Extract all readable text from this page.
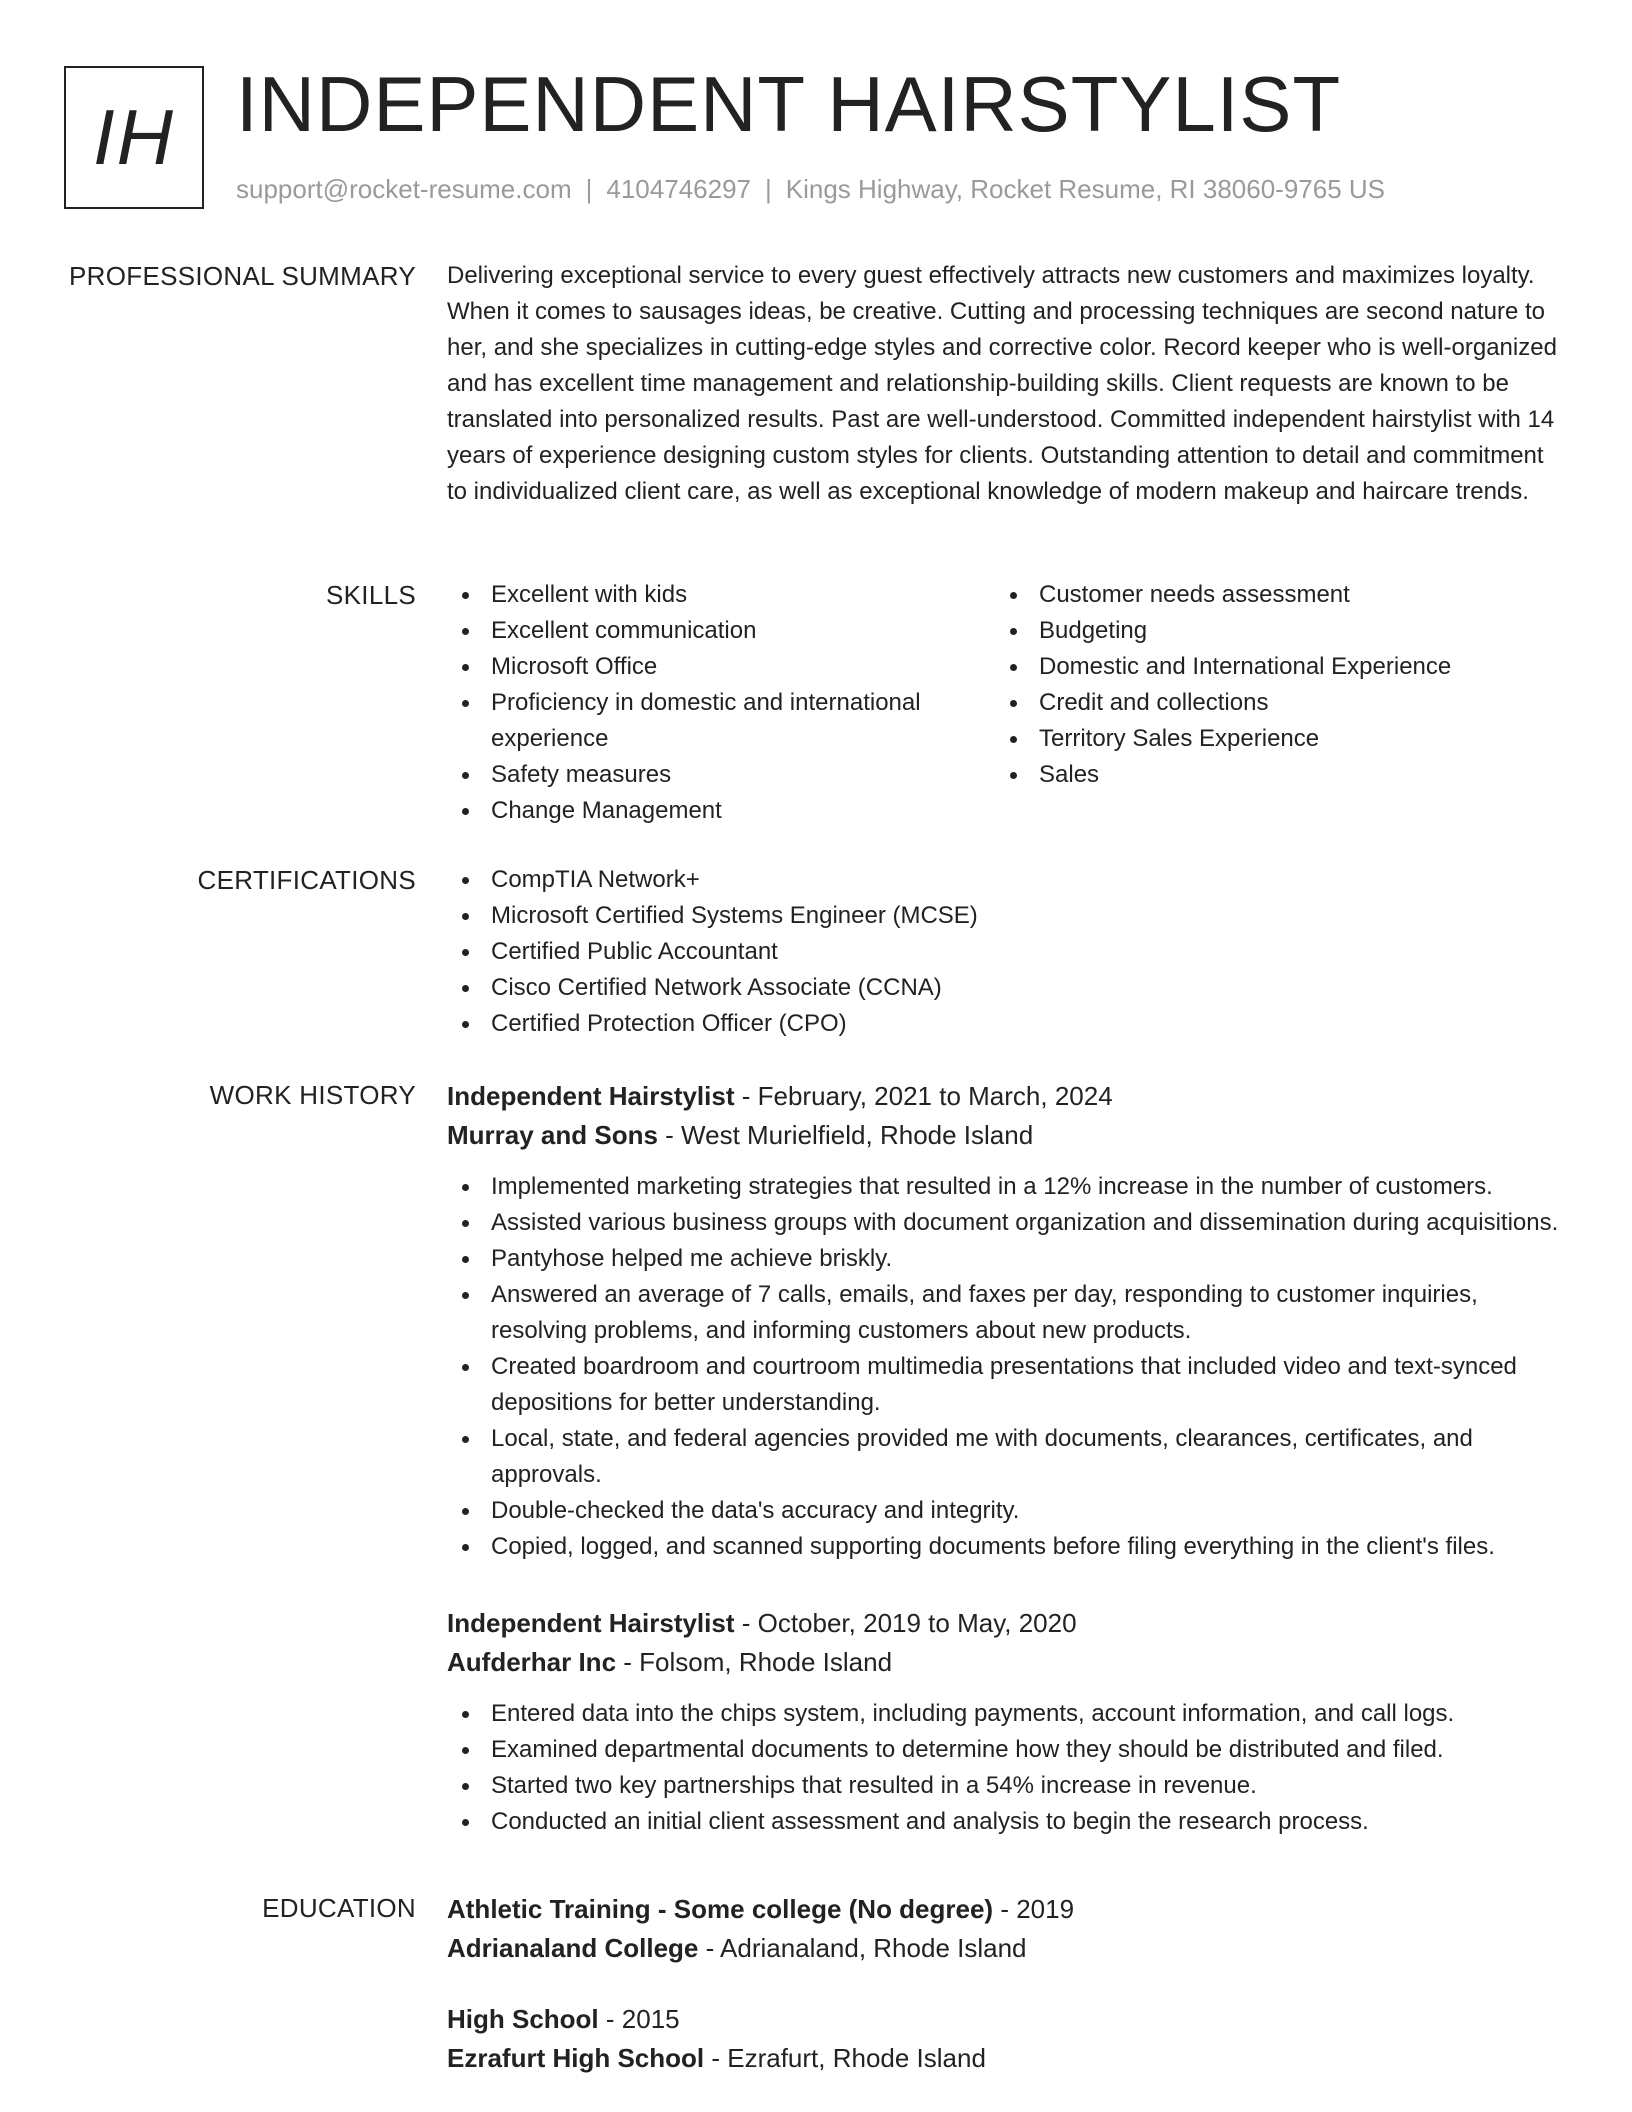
IH INDEPENDENT HAIRSTYLIST
support@rocket-resume.com | 4104746297 | Kings Highway, Rocket Resume, RI 38060-9765 US
PROFESSIONAL SUMMARY Delivering exceptional service to every guest effectively attracts new customers and maximizes loyalty. When it comes to sausages ideas, be creative. Cutting and processing techniques are second nature to her, and she specializes in cutting-edge styles and corrective color. Record keeper who is well-organized and has excellent time management and relationship-building skills. Client requests are known to be translated into personalized results. Past are well-understood. Committed independent hairstylist with 14 years of experience designing custom styles for clients. Outstanding attention to detail and commitment to individualized client care, as well as exceptional knowledge of modern makeup and haircare trends.
SKILLS	Excellent with kids
Excellent communication
Microsoft Office
Proficiency in domestic and international experience
Safety measures
Change Management
Customer needs assessment
Budgeting
Domestic and International Experience
Credit and collections
Territory Sales Experience
Sales
CERTIFICATIONS	CompTIA Network+
Microsoft Certified Systems Engineer (MCSE)
Certified Public Accountant
Cisco Certified Network Associate (CCNA)
Certified Protection Officer (CPO)
WORK HISTORY Independent Hairstylist - February, 2021 to March, 2024
Murray and Sons - West Murielfield, Rhode Island
Implemented marketing strategies that resulted in a 12% increase in the number of customers.
Assisted various business groups with document organization and dissemination during acquisitions.
Pantyhose helped me achieve briskly.
Answered an average of 7 calls, emails, and faxes per day, responding to customer inquiries, resolving problems, and informing customers about new products.
Created boardroom and courtroom multimedia presentations that included video and text-synced depositions for better understanding.
Local, state, and federal agencies provided me with documents, clearances, certificates, and approvals.
Double-checked the data's accuracy and integrity.
Copied, logged, and scanned supporting documents before filing everything in the client's files.
Independent Hairstylist - October, 2019 to May, 2020
Aufderhar Inc - Folsom, Rhode Island
Entered data into the chips system, including payments, account information, and call logs.
Examined departmental documents to determine how they should be distributed and filed.
Started two key partnerships that resulted in a 54% increase in revenue.
Conducted an initial client assessment and analysis to begin the research process.
EDUCATION Athletic Training - Some college (No degree) - 2019
Adrianaland College - Adrianaland, Rhode Island
High School - 2015
Ezrafurt High School - Ezrafurt, Rhode Island
